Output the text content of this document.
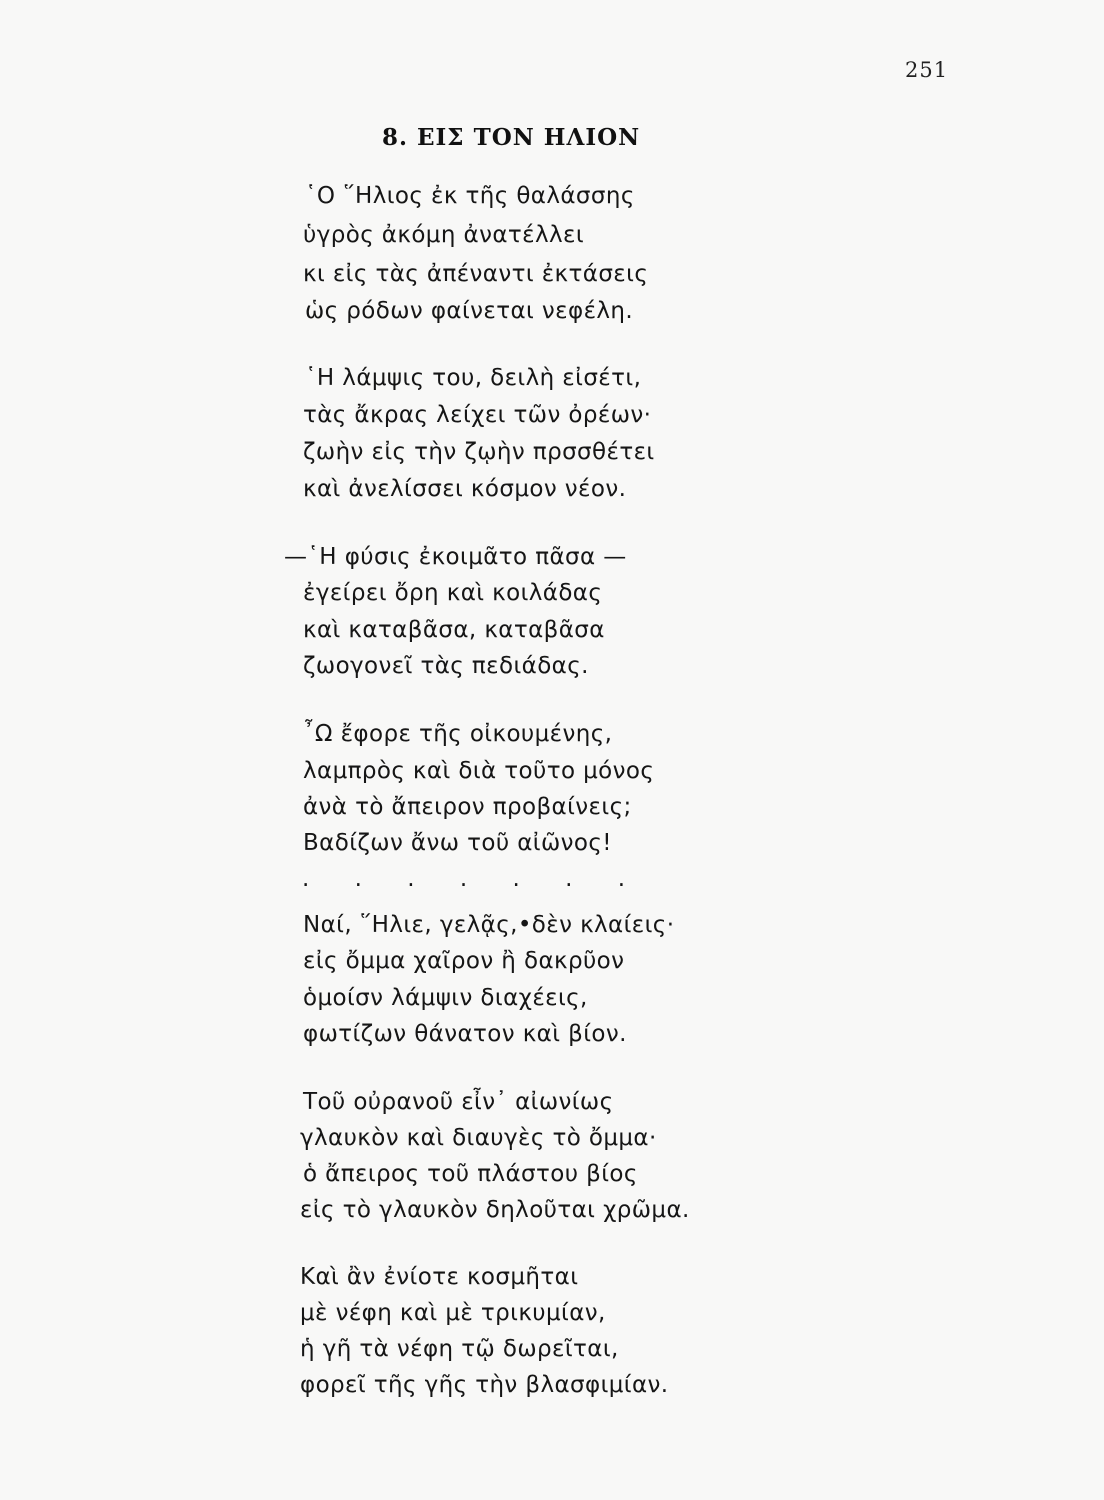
251
8. ΕΙΣ ΤΟΝ ΗΛΙΟΝ
῾Ο ῞Ηλιος ἐκ τῆς θαλάσσης
ὑγρὸς ἀκόμη ἀνατέλλει
κι εἰς τὰς ἀπέναντι ἐκτάσεις
ὡς ρόδων φαίνεται νεφέλη.
῾Η λάμψις του, δειλὴ εἰσέτι,
τὰς ἄκρας λείχει τῶν ὀρέων·
ζωὴν εἰς τὴν ζῳὴν πρσσθέτει
καὶ ἀνελίσσει κόσμον νέον.
—῾Η φύσις ἐκοιμᾶτο πᾶσα —
ἐγείρει ὄρη καὶ κοιλάδας
καὶ καταβᾶσα, καταβᾶσα
ζωογονεῖ τὰς πεδιάδας.
῏Ω ἔφορε τῆς οἰκουμένης,
λαμπρὸς καὶ διὰ τοῦτο μόνος
ἀνὰ τὸ ἄπειρον προβαίνεις;
Βαδίζων ἄνω τοῦ αἰῶνος!
. . . . . . .
Ναί, ῞Ηλιε, γελᾷς,•δὲν κλαίεις·
εἰς ὄμμα χαῖρον ἢ δακρῦον
ὁμοίσν λάμψιν διαχέεις,
φωτίζων θάνατον καὶ βίον.
Τοῦ οὐρανοῦ εἶν᾽ αἰωνίως
γλαυκὸν καὶ διαυγὲς τὸ ὄμμα·
ὁ ἄπειρος τοῦ πλάστου βίος
εἰς τὸ γλαυκὸν δηλοῦται χρῶμα.
Καὶ ἂν ἐνίοτε κοσμῆται
μὲ νέφη καὶ μὲ τρικυμίαν,
ἡ γῆ τὰ νέφη τῷ δωρεῖται,
φορεῖ τῆς γῆς τὴν βλασφιμίαν.
